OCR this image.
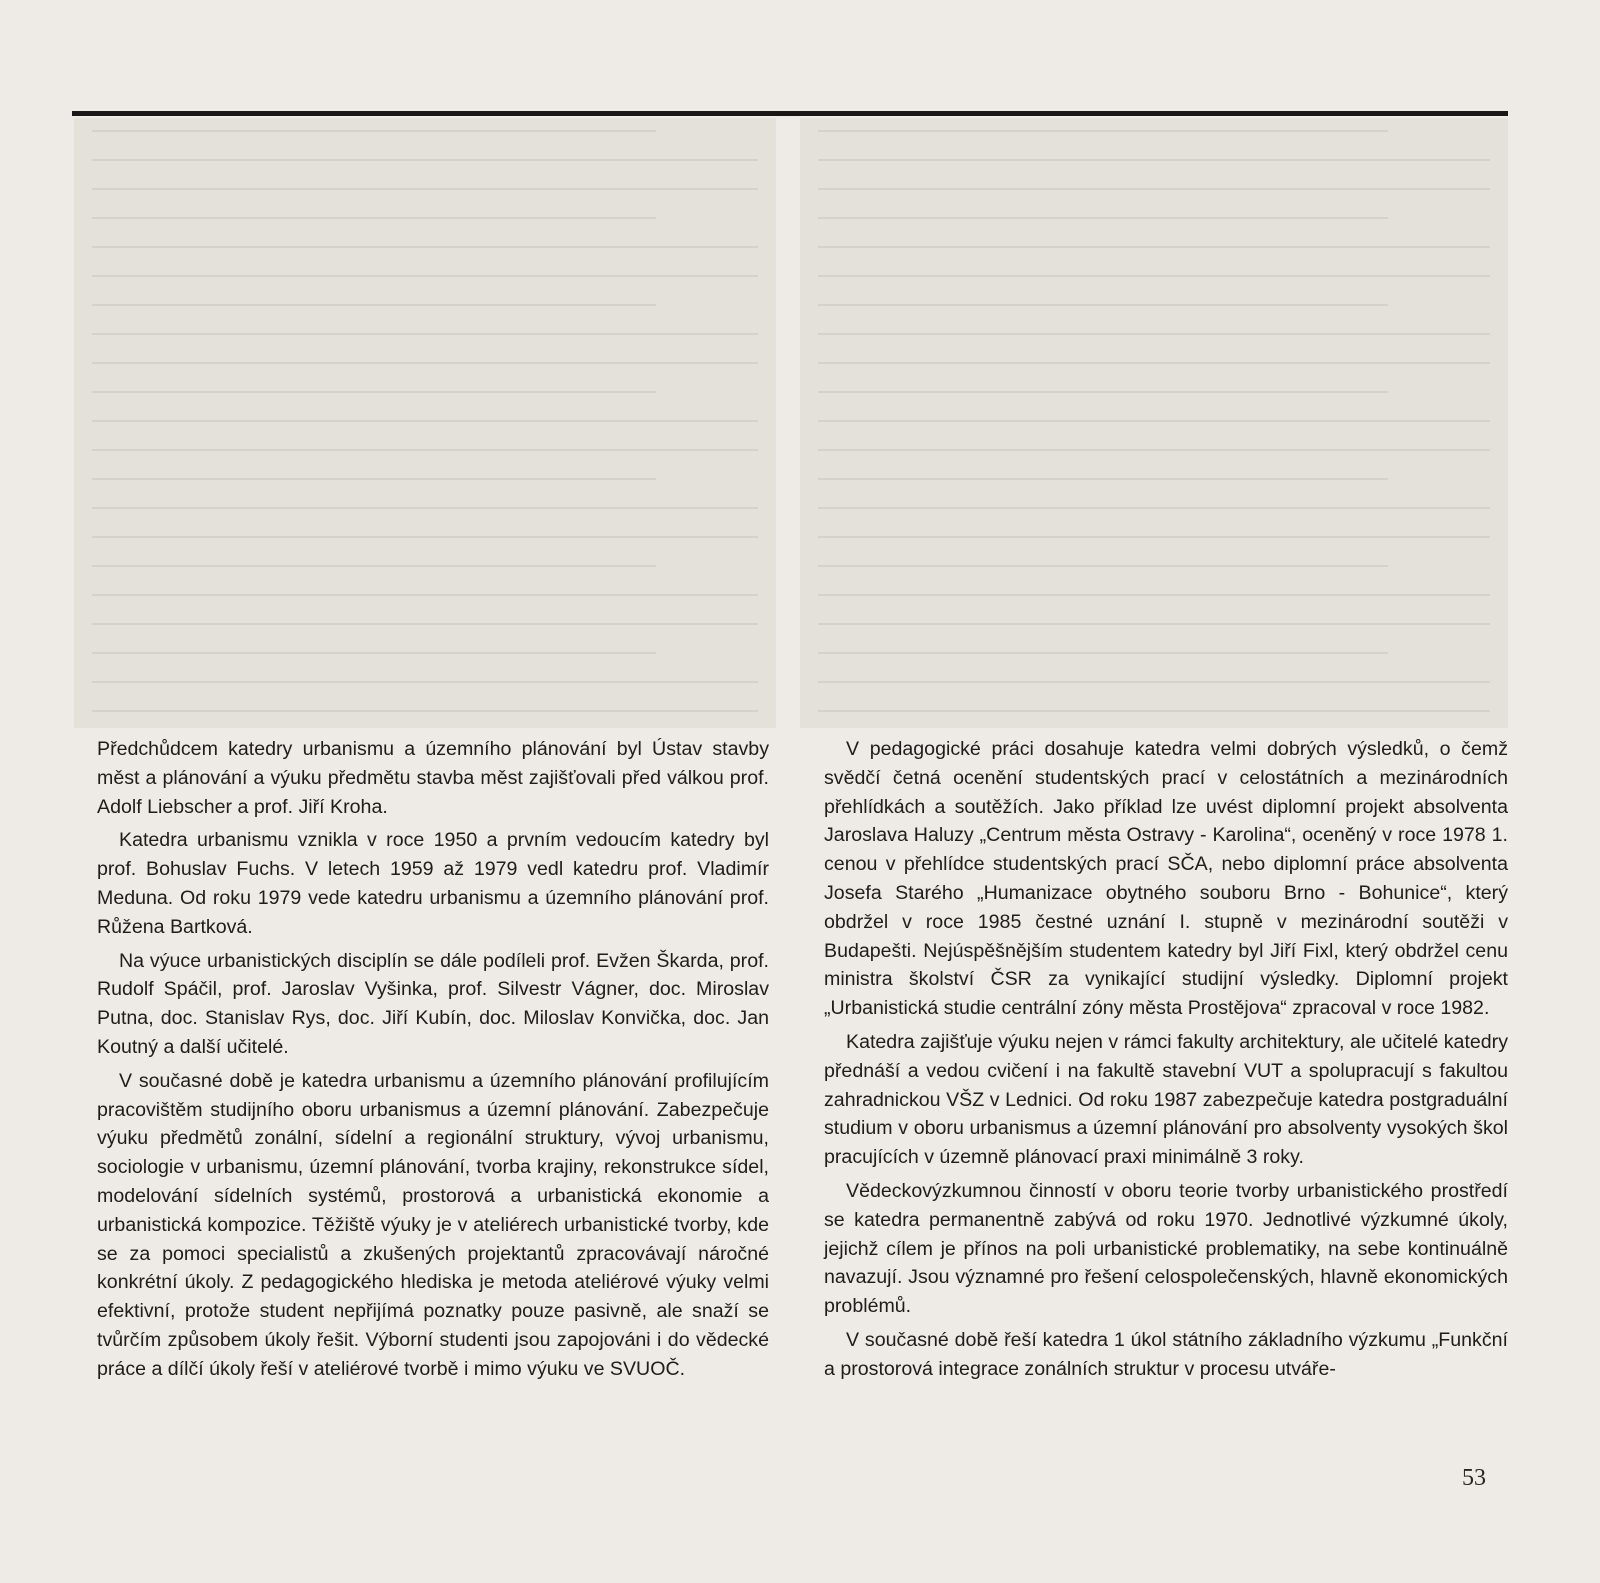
Předchůdcem katedry urbanismu a územního plánování byl Ústav stavby měst a plánování a výuku předmětu stavba měst zajišťovali před válkou prof. Adolf Liebscher a prof. Jiří Kroha.

Katedra urbanismu vznikla v roce 1950 a prvním vedoucím katedry byl prof. Bohuslav Fuchs. V letech 1959 až 1979 vedl katedru prof. Vladimír Meduna. Od roku 1979 vede katedru urbanismu a územního plánování prof. Růžena Bartková.

Na výuce urbanistických disciplín se dále podíleli prof. Evžen Škarda, prof. Rudolf Spáčil, prof. Jaroslav Vyšinka, prof. Silvestr Vágner, doc. Miroslav Putna, doc. Stanislav Rys, doc. Jiří Kubín, doc. Miloslav Konvička, doc. Jan Koutný a další učitelé.

V současné době je katedra urbanismu a územního plánování profilujícím pracovištěm studijního oboru urbanismus a územní plánování. Zabezpečuje výuku předmětů zonální, sídelní a regionální struktury, vývoj urbanismu, sociologie v urbanismu, územní plánování, tvorba krajiny, rekonstrukce sídel, modelování sídelních systémů, prostorová a urbanistická ekonomie a urbanistická kompozice. Těžiště výuky je v ateliérech urbanistické tvorby, kde se za pomoci specialistů a zkušených projektantů zpracovávají náročné konkrétní úkoly. Z pedagogického hlediska je metoda ateliérové výuky velmi efektivní, protože student nepřijímá poznatky pouze pasivně, ale snaží se tvůrčím způsobem úkoly řešit. Výborní studenti jsou zapojováni i do vědecké práce a dílčí úkoly řeší v ateliérové tvorbě i mimo výuku ve SVUOČ.

V pedagogické práci dosahuje katedra velmi dobrých výsledků, o čemž svědčí četná ocenění studentských prací v celostátních a mezinárodních přehlídkách a soutěžích. Jako příklad lze uvést diplomní projekt absolventa Jaroslava Haluzy „Centrum města Ostravy - Karolina“, oceněný v roce 1978 1. cenou v přehlídce studentských prací SČA, nebo diplomní práce absolventa Josefa Starého „Humanizace obytného souboru Brno - Bohunice“, který obdržel v roce 1985 čestné uznání I. stupně v mezinárodní soutěži v Budapešti. Nejúspěšnějším studentem katedry byl Jiří Fixl, který obdržel cenu ministra školství ČSR za vynikající studijní výsledky. Diplomní projekt „Urbanistická studie centrální zóny města Prostějova“ zpracoval v roce 1982.

Katedra zajišťuje výuku nejen v rámci fakulty architektury, ale učitelé katedry přednáší a vedou cvičení i na fakultě stavební VUT a spolupracují s fakultou zahradnickou VŠZ v Lednici. Od roku 1987 zabezpečuje katedra postgraduální studium v oboru urbanismus a územní plánování pro absolventy vysokých škol pracujících v územně plánovací praxi minimálně 3 roky.

Vědeckovýzkumnou činností v oboru teorie tvorby urbanistického prostředí se katedra permanentně zabývá od roku 1970. Jednotlivé výzkumné úkoly, jejichž cílem je přínos na poli urbanistické problematiky, na sebe kontinuálně navazují. Jsou významné pro řešení celospolečenských, hlavně ekonomických problémů.

V současné době řeší katedra 1 úkol státního základního výzkumu „Funkční a prostorová integrace zonálních struktur v procesu utváře-

53
